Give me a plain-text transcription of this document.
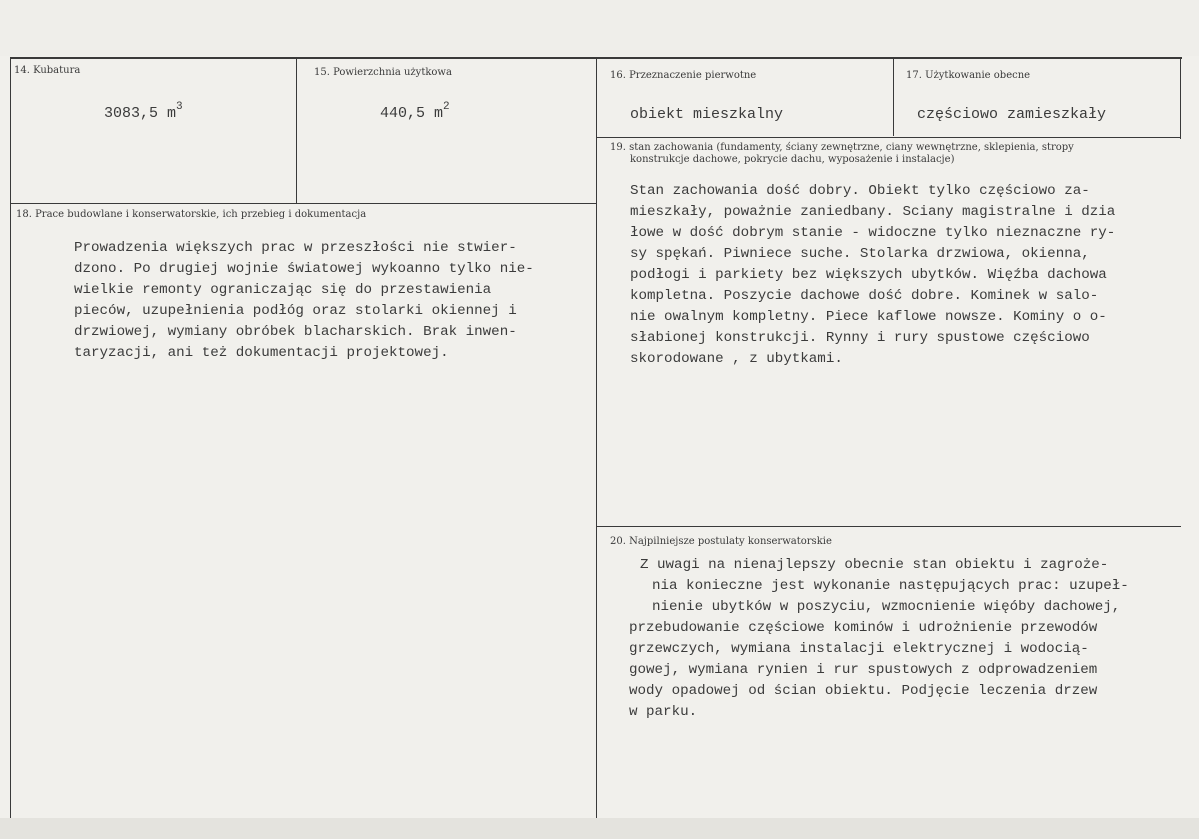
14. Kubatura
3083,5 $m^3$
15. Powierzchnia użytkowa
440,5 $m^2$
16. Przeznaczenie pierwotne
obiekt mieszkalny
17. Użytkowanie obecne
częściowo zamieszkały
18. Prace budowlane i konserwatorskie, ich przebieg i dokumentacja
Prowadzenia większych prac w przeszłości nie stwier-
dzono. Po drugiej wojnie światowej wykoanno tylko nie-
wielkie remonty ograniczając się do przestawienia
pieców, uzupełnienia podłóg oraz stolarki okiennej i
drzwiowej, wymiany obróbek blacharskich. Brak inwen-
taryzacji, ani też dokumentacji projektowej.
19. stan zachowania (fundamenty, ściany zewnętrzne, ciany wewnętrzne, sklepienia, stropy
konstrukcje dachowe, pokrycie dachu, wyposażenie i instalacje)
Stan zachowania dość dobry. Obiekt tylko częściowo za-
mieszkały, poważnie zaniedbany. Sciany magistralne i dzia
łowe w dość dobrym stanie - widoczne tylko nieznaczne ry-
sy spękań. Piwniece suche. Stolarka drzwiowa, okienna,
podłogi i parkiety bez większych ubytków. Więźba dachowa
kompletna. Poszycie dachowe dość dobre. Kominek w salo-
nie owalnym kompletny. Piece kaflowe nowsze. Kominy o o-
słabionej konstrukcji. Rynny i rury spustowe częściowo
skorodowane , z ubytkami.
20. Najpilniejsze postulaty konserwatorskie
Z uwagi na nienajlepszy obecnie stan obiektu i zagroże-
nia konieczne jest wykonanie następujących prac: uzupeł-
nienie ubytków w poszyciu, wzmocnienie więóby dachowej,
przebudowanie częściowe kominów i udrożnienie przewodów
grzewczych, wymiana instalacji elektrycznej i wodocią-
gowej, wymiana rynien i rur spustowych z odprowadzeniem
wody opadowej od ścian obiektu. Podjęcie leczenia drzew
w parku.
